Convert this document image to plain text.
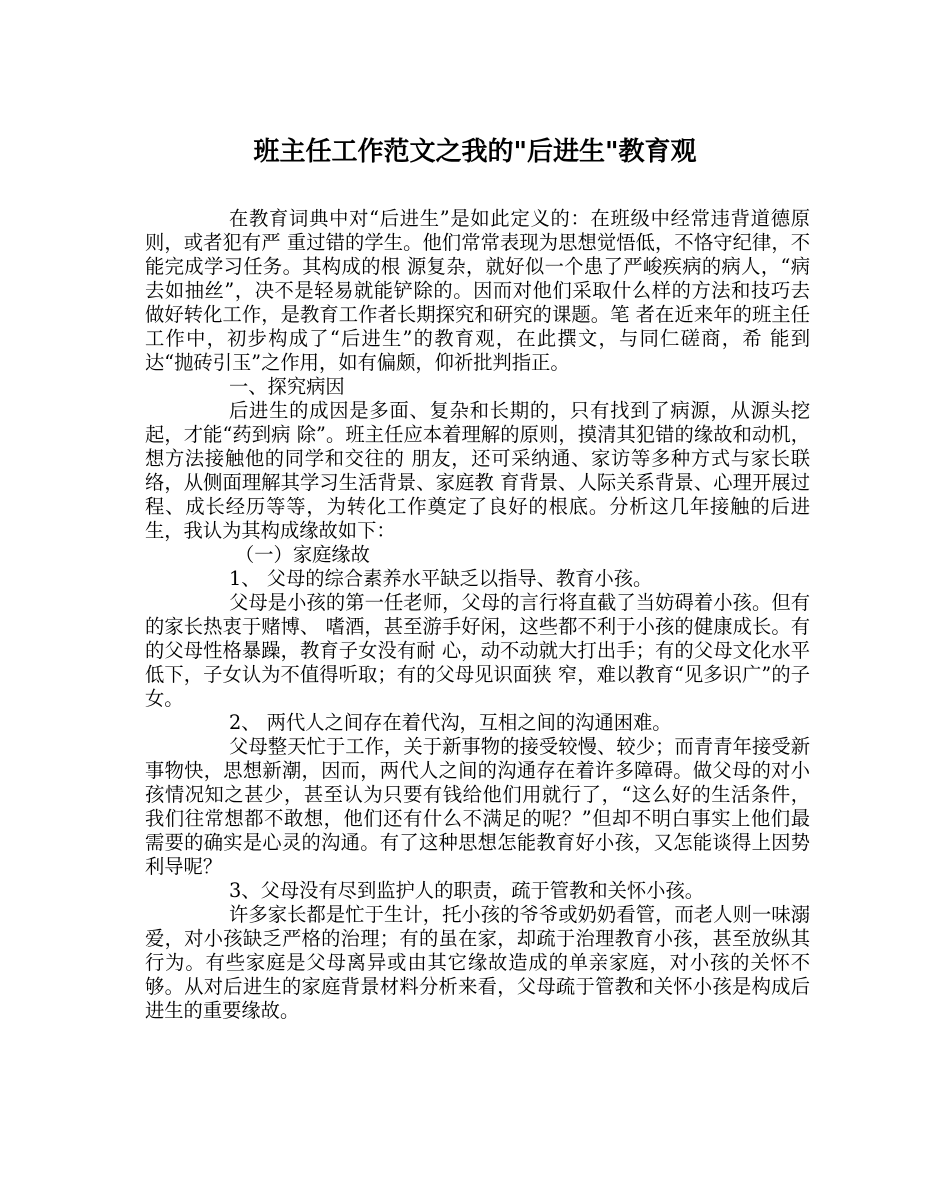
班主任工作范文之我的"后进生"教育观

在教育词典中对“后进生”是如此定义的：在班级中经常违背道德原则，或者犯有严 重过错的学生。他们常常表现为思想觉悟低，不恪守纪律，不能完成学习任务。其构成的根 源复杂，就好似一个患了严峻疾病的病人，“病去如抽丝”，决不是轻易就能铲除的。因而对他们采取什么样的方法和技巧去做好转化工作，是教育工作者长期探究和研究的课题。笔 者在近来年的班主任工作中，初步构成了“后进生”的教育观，在此撰文，与同仁磋商，希 能到达“抛砖引玉”之作用，如有偏颇，仰祈批判指正。

一、探究病因

后进生的成因是多面、复杂和长期的，只有找到了病源，从源头挖起，才能“药到病 除”。班主任应本着理解的原则，摸清其犯错的缘故和动机，想方法接触他的同学和交往的 朋友，还可采纳通、家访等多种方式与家长联络，从侧面理解其学习生活背景、家庭教 育背景、人际关系背景、心理开展过程、成长经历等等，为转化工作奠定了良好的根底。分析这几年接触的后进生，我认为其构成缘故如下：

（一）家庭缘故

1、 父母的综合素养水平缺乏以指导、教育小孩。

父母是小孩的第一任老师，父母的言行将直截了当妨碍着小孩。但有的家长热衷于赌博、 嗜酒，甚至游手好闲，这些都不利于小孩的健康成长。有的父母性格暴躁，教育子女没有耐 心，动不动就大打出手；有的父母文化水平低下，子女认为不值得听取；有的父母见识面狭 窄，难以教育“见多识广”的子女。

2、 两代人之间存在着代沟，互相之间的沟通困难。

父母整天忙于工作，关于新事物的接受较慢、较少；而青青年接受新事物快，思想新潮，因而，两代人之间的沟通存在着许多障碍。做父母的对小孩情况知之甚少，甚至认为只要有钱给他们用就行了，“这么好的生活条件，我们往常想都不敢想，他们还有什么不满足的呢？”但却不明白事实上他们最需要的确实是心灵的沟通。有了这种思想怎能教育好小孩，又怎能谈得上因势利导呢？

3、父母没有尽到监护人的职责，疏于管教和关怀小孩。

许多家长都是忙于生计，托小孩的爷爷或奶奶看管，而老人则一味溺爱，对小孩缺乏严格的治理；有的虽在家，却疏于治理教育小孩，甚至放纵其行为。有些家庭是父母离异或由其它缘故造成的单亲家庭，对小孩的关怀不够。从对后进生的家庭背景材料分析来看，父母疏于管教和关怀小孩是构成后进生的重要缘故。
